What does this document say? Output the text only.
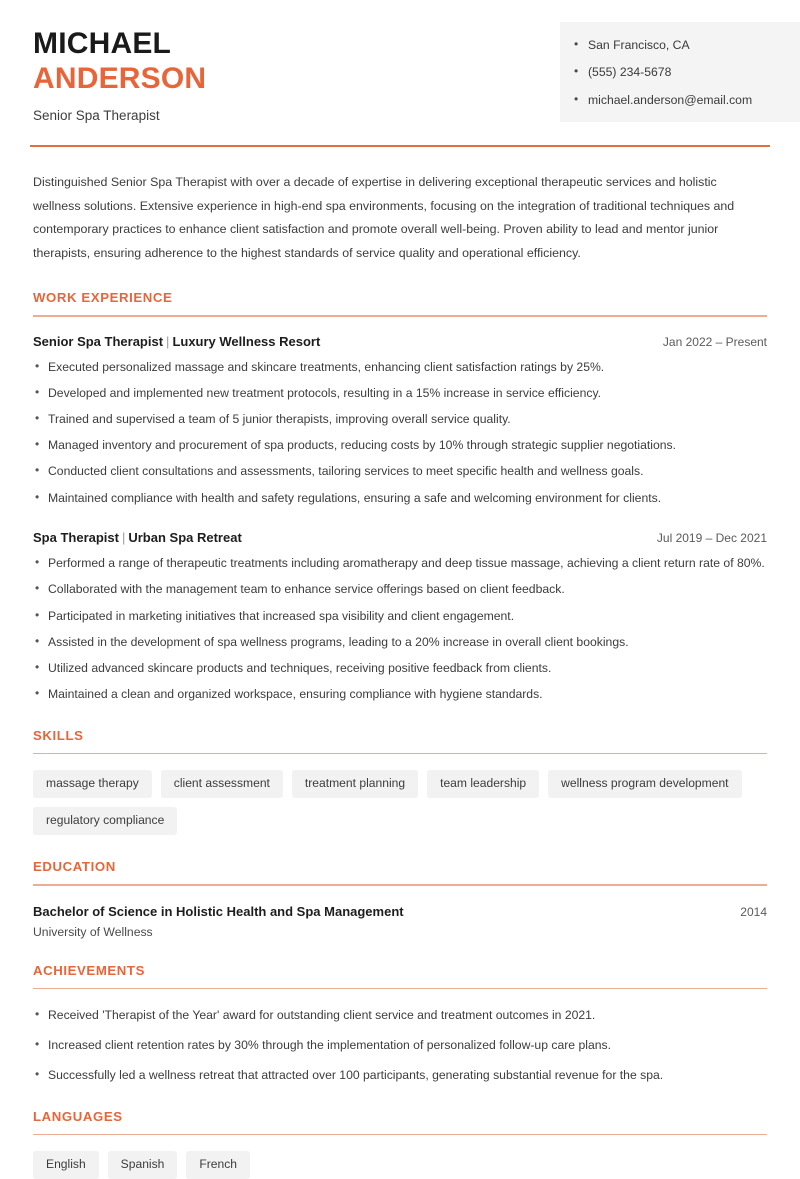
MICHAEL
ANDERSON
Senior Spa Therapist
• San Francisco, CA
• (555) 234-5678
• michael.anderson@email.com

Distinguished Senior Spa Therapist with over a decade of expertise in delivering exceptional therapeutic services and holistic wellness solutions. Extensive experience in high-end spa environments, focusing on the integration of traditional techniques and contemporary practices to enhance client satisfaction and promote overall well-being. Proven ability to lead and mentor junior therapists, ensuring adherence to the highest standards of service quality and operational efficiency.

WORK EXPERIENCE
Senior Spa Therapist | Luxury Wellness Resort	Jan 2022 – Present
• Executed personalized massage and skincare treatments, enhancing client satisfaction ratings by 25%.
• Developed and implemented new treatment protocols, resulting in a 15% increase in service efficiency.
• Trained and supervised a team of 5 junior therapists, improving overall service quality.
• Managed inventory and procurement of spa products, reducing costs by 10% through strategic supplier negotiations.
• Conducted client consultations and assessments, tailoring services to meet specific health and wellness goals.
• Maintained compliance with health and safety regulations, ensuring a safe and welcoming environment for clients.
Spa Therapist | Urban Spa Retreat	Jul 2019 – Dec 2021
• Performed a range of therapeutic treatments including aromatherapy and deep tissue massage, achieving a client return rate of 80%.
• Collaborated with the management team to enhance service offerings based on client feedback.
• Participated in marketing initiatives that increased spa visibility and client engagement.
• Assisted in the development of spa wellness programs, leading to a 20% increase in overall client bookings.
• Utilized advanced skincare products and techniques, receiving positive feedback from clients.
• Maintained a clean and organized workspace, ensuring compliance with hygiene standards.
SKILLS
massage therapy	client assessment	treatment planning	team leadership	wellness program development
regulatory compliance
EDUCATION
Bachelor of Science in Holistic Health and Spa Management	2014
University of Wellness
ACHIEVEMENTS
• Received 'Therapist of the Year' award for outstanding client service and treatment outcomes in 2021.
• Increased client retention rates by 30% through the implementation of personalized follow-up care plans.
• Successfully led a wellness retreat that attracted over 100 participants, generating substantial revenue for the spa.
LANGUAGES
English	Spanish	French
